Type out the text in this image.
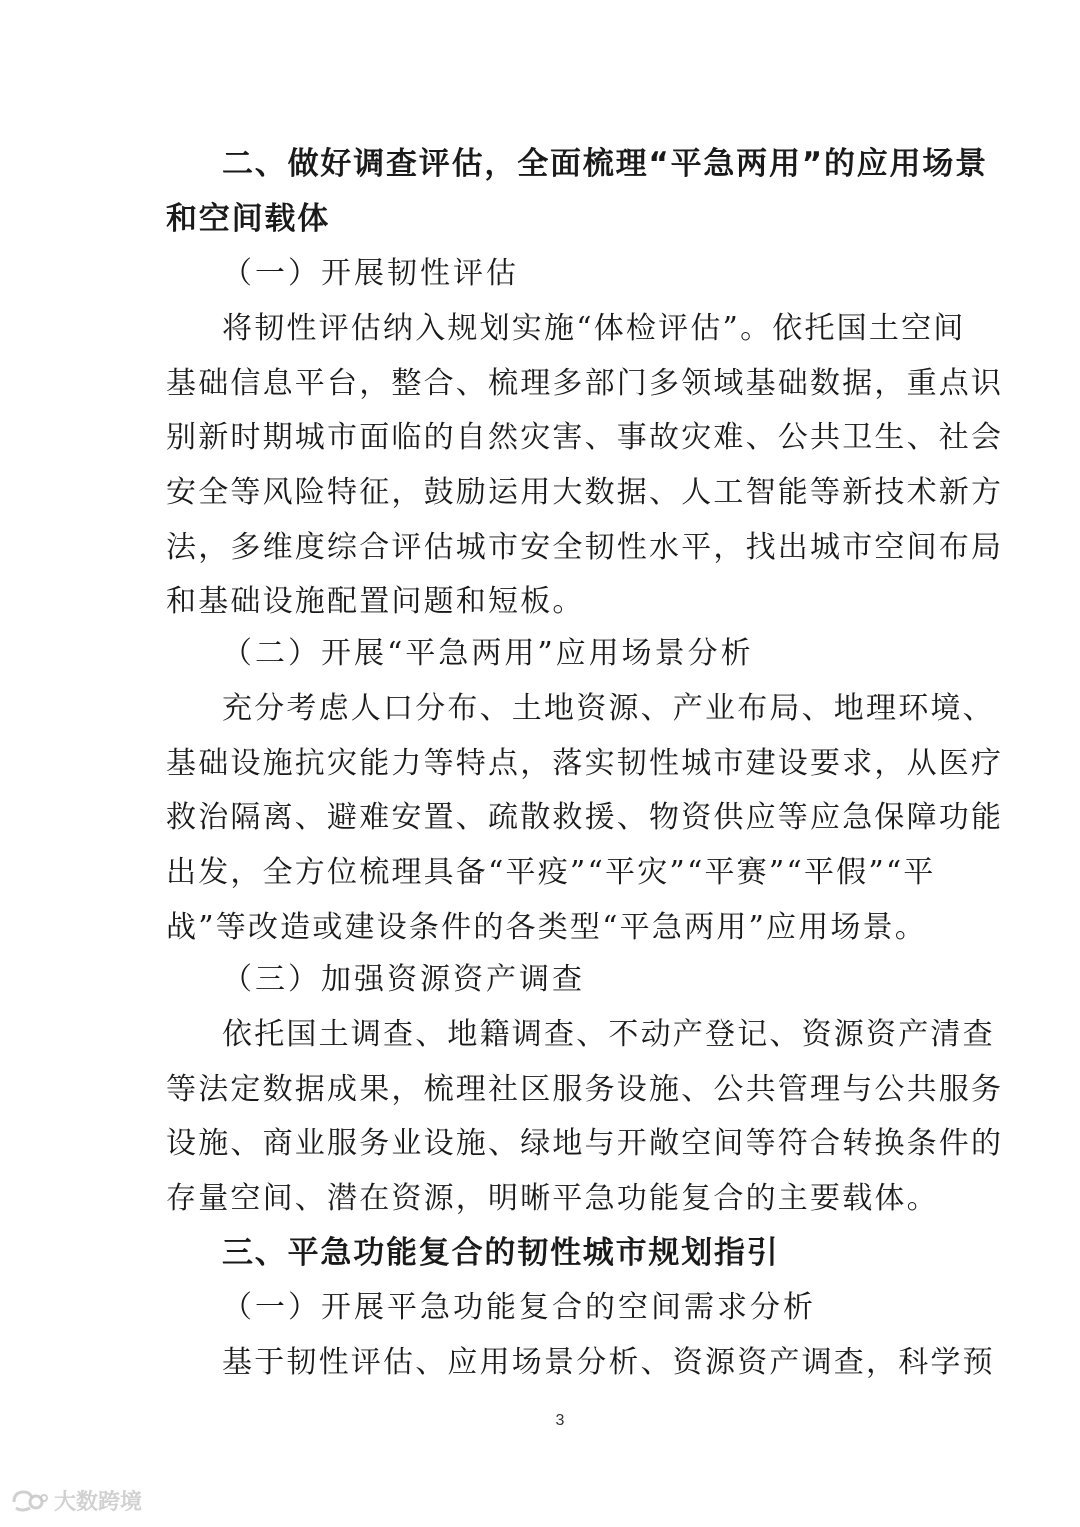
二、做好调查评估，全面梳理“平急两用”的应用场景
和空间载体
（一）开展韧性评估
将韧性评估纳入规划实施“体检评估”。依托国土空间
基础信息平台，整合、梳理多部门多领域基础数据，重点识
别新时期城市面临的自然灾害、事故灾难、公共卫生、社会
安全等风险特征，鼓励运用大数据、人工智能等新技术新方
法，多维度综合评估城市安全韧性水平，找出城市空间布局
和基础设施配置问题和短板。
（二）开展“平急两用”应用场景分析
充分考虑人口分布、土地资源、产业布局、地理环境、
基础设施抗灾能力等特点，落实韧性城市建设要求，从医疗
救治隔离、避难安置、疏散救援、物资供应等应急保障功能
出发，全方位梳理具备“平疫”“平灾”“平赛”“平假”“平
战”等改造或建设条件的各类型“平急两用”应用场景。
（三）加强资源资产调查
依托国土调查、地籍调查、不动产登记、资源资产清查
等法定数据成果，梳理社区服务设施、公共管理与公共服务
设施、商业服务业设施、绿地与开敞空间等符合转换条件的
存量空间、潜在资源，明晰平急功能复合的主要载体。
三、平急功能复合的韧性城市规划指引
（一）开展平急功能复合的空间需求分析
基于韧性评估、应用场景分析、资源资产调查，科学预
3
大数跨境
